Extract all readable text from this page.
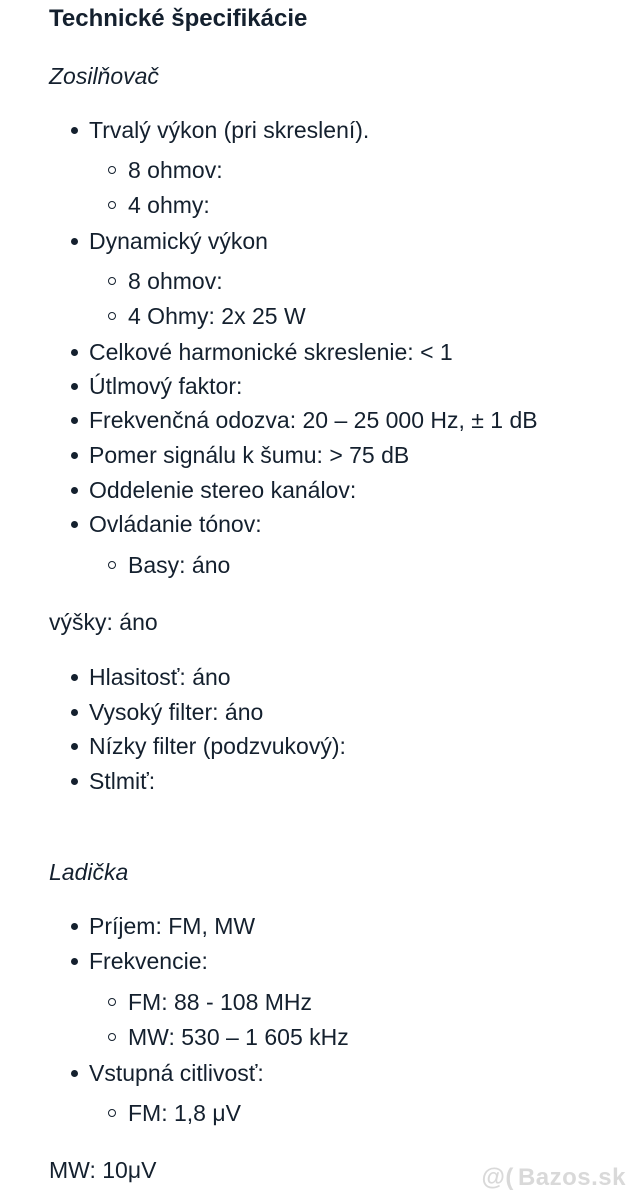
Technické špecifikácie
Zosilňovač
Trvalý výkon (pri skreslení).
8 ohmov:
4 ohmy:
Dynamický výkon
8 ohmov:
4 Ohmy: 2x 25 W
Celkové harmonické skreslenie: < 1
Útlmový faktor:
Frekvenčná odozva: 20 – 25 000 Hz, ± 1 dB
Pomer signálu k šumu: > 75 dB
Oddelenie stereo kanálov:
Ovládanie tónov:
Basy: áno

výšky: áno

Hlasitosť: áno
Vysoký filter: áno
Nízky filter (podzvukový):
Stlmiť:
Ladička
Príjem: FM, MW
Frekvencie:
FM: 88 - 108 MHz
MW: 530 – 1 605 kHz
Vstupná citlivosť:
FM: 1,8 μV

MW: 10μV	@( Bazos.sk
